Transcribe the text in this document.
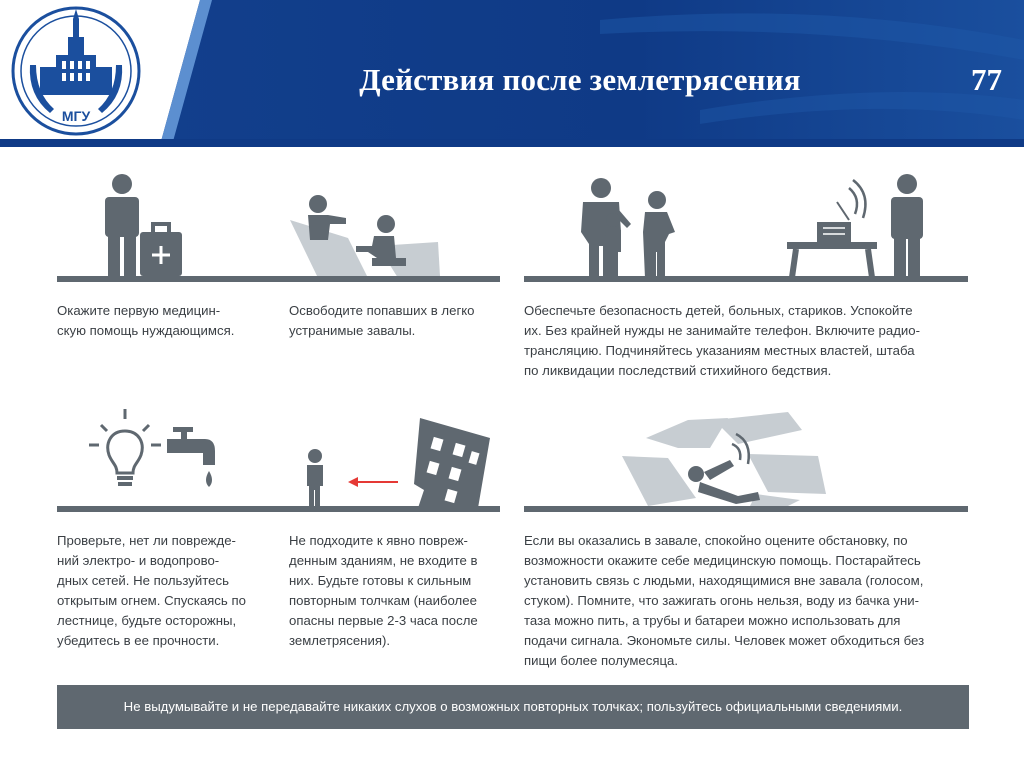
МГУ
Действия после землетрясения	77
Окажите первую медицин-
скую помощь нуждающимся.
Освободите попавших в легко
устранимые завалы.
Обеспечьте безопасность детей, больных, стариков. Успокойте
их. Без крайней нужды не занимайте телефон. Включите радио-
трансляцию. Подчиняйтесь указаниям местных властей, штаба
по ликвидации последствий стихийного бедствия.
Проверьте, нет ли поврежде-
ний электро- и водопрово-
дных сетей. Не пользуйтесь
открытым огнем. Спускаясь по
лестнице, будьте осторожны,
убедитесь в ее прочности.
Не подходите к явно повреж-
денным зданиям, не входите в
них. Будьте готовы к сильным
повторным толчкам (наиболее
опасны первые 2-3 часа после
землетрясения).
Если вы оказались в завале, спокойно оцените обстановку, по
возможности окажите себе медицинскую помощь. Постарайтесь
установить связь с людьми, находящимися вне завала (голосом,
стуком). Помните, что зажигать огонь нельзя, воду из бачка уни-
таза можно пить, а трубы и батареи можно использовать для
подачи сигнала. Экономьте силы. Человек может обходиться без
пищи более полумесяца.
Не выдумывайте и не передавайте никаких слухов о возможных повторных толчках; пользуйтесь официальными сведениями.
